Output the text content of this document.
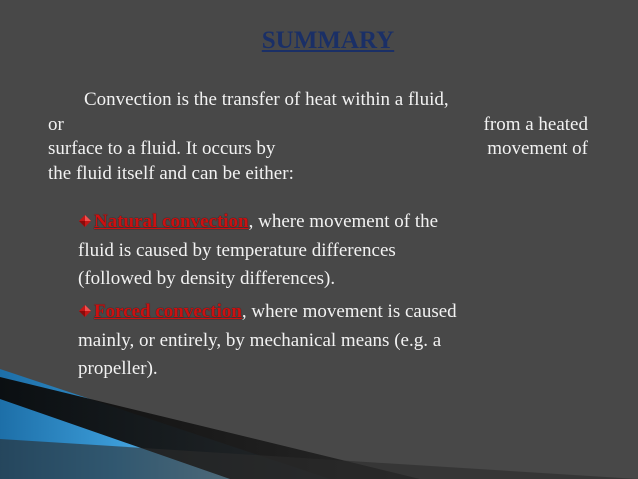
SUMMARY
Convection is the transfer of heat within a fluid,
or	from a heated
surface to a fluid. It occurs by	movement of
the fluid itself and can be either:
Natural convection, where movement of the
fluid is caused by temperature differences
(followed by density differences).
Forced convection, where movement is caused
mainly, or entirely, by mechanical means (e.g. a
propeller).
